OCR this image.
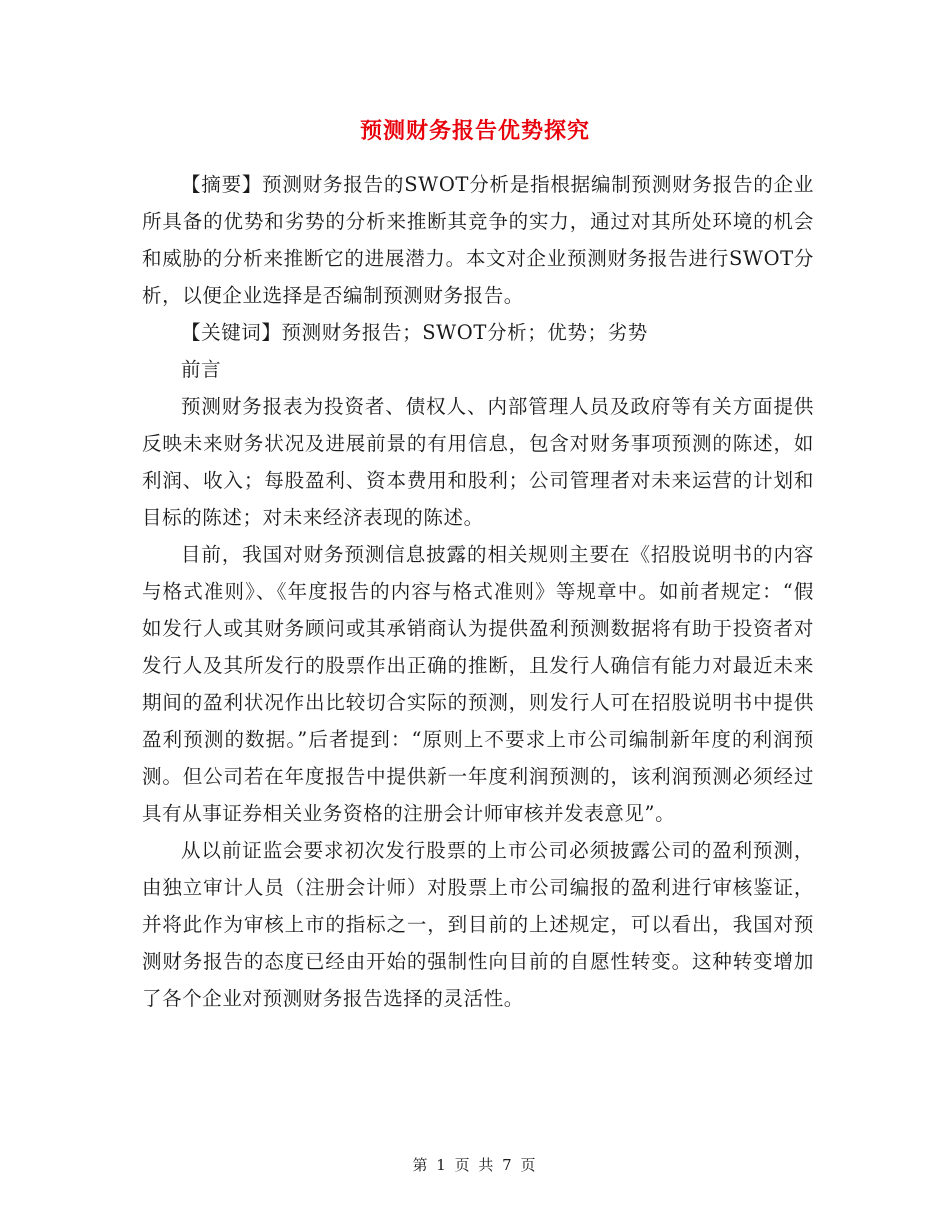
预测财务报告优势探究

【摘要】预测财务报告的SWOT分析是指根据编制预测财务报告的企业所具备的优势和劣势的分析来推断其竞争的实力，通过对其所处环境的机会和威胁的分析来推断它的进展潜力。本文对企业预测财务报告进行SWOT分析，以便企业选择是否编制预测财务报告。

【关键词】预测财务报告；SWOT分析；优势；劣势

前言

预测财务报表为投资者、债权人、内部管理人员及政府等有关方面提供反映未来财务状况及进展前景的有用信息，包含对财务事项预测的陈述，如利润、收入；每股盈利、资本费用和股利；公司管理者对未来运营的计划和目标的陈述；对未来经济表现的陈述。

目前，我国对财务预测信息披露的相关规则主要在《招股说明书的内容与格式准则》、《年度报告的内容与格式准则》等规章中。如前者规定：“假如发行人或其财务顾问或其承销商认为提供盈利预测数据将有助于投资者对发行人及其所发行的股票作出正确的推断，且发行人确信有能力对最近未来期间的盈利状况作出比较切合实际的预测，则发行人可在招股说明书中提供盈利预测的数据。”后者提到：“原则上不要求上市公司编制新年度的利润预测。但公司若在年度报告中提供新一年度利润预测的，该利润预测必须经过具有从事证券相关业务资格的注册会计师审核并发表意见”。

从以前证监会要求初次发行股票的上市公司必须披露公司的盈利预测，由独立审计人员（注册会计师）对股票上市公司编报的盈利进行审核鉴证，并将此作为审核上市的指标之一，到目前的上述规定，可以看出，我国对预测财务报告的态度已经由开始的强制性向目前的自愿性转变。这种转变增加了各个企业对预测财务报告选择的灵活性。

第 1 页 共 7 页
